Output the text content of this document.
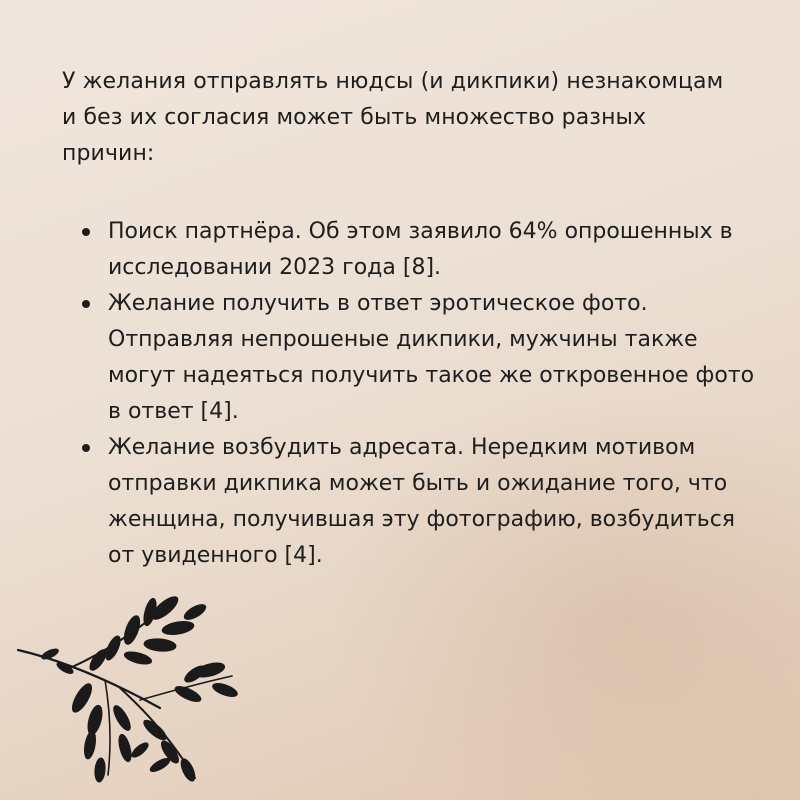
У желания отправлять нюдсы (и дикпики) незнакомцам и без их согласия может быть множество разных причин:

Поиск партнёра. Об этом заявило 64% опрошенных в исследовании 2023 года [8].
Желание получить в ответ эротическое фото. Отправляя непрошеные дикпики, мужчины также могут надеяться получить такое же откровенное фото в ответ [4].
Желание возбудить адресата. Нередким мотивом отправки дикпика может быть и ожидание того, что женщина, получившая эту фотографию, возбудиться от увиденного [4].
